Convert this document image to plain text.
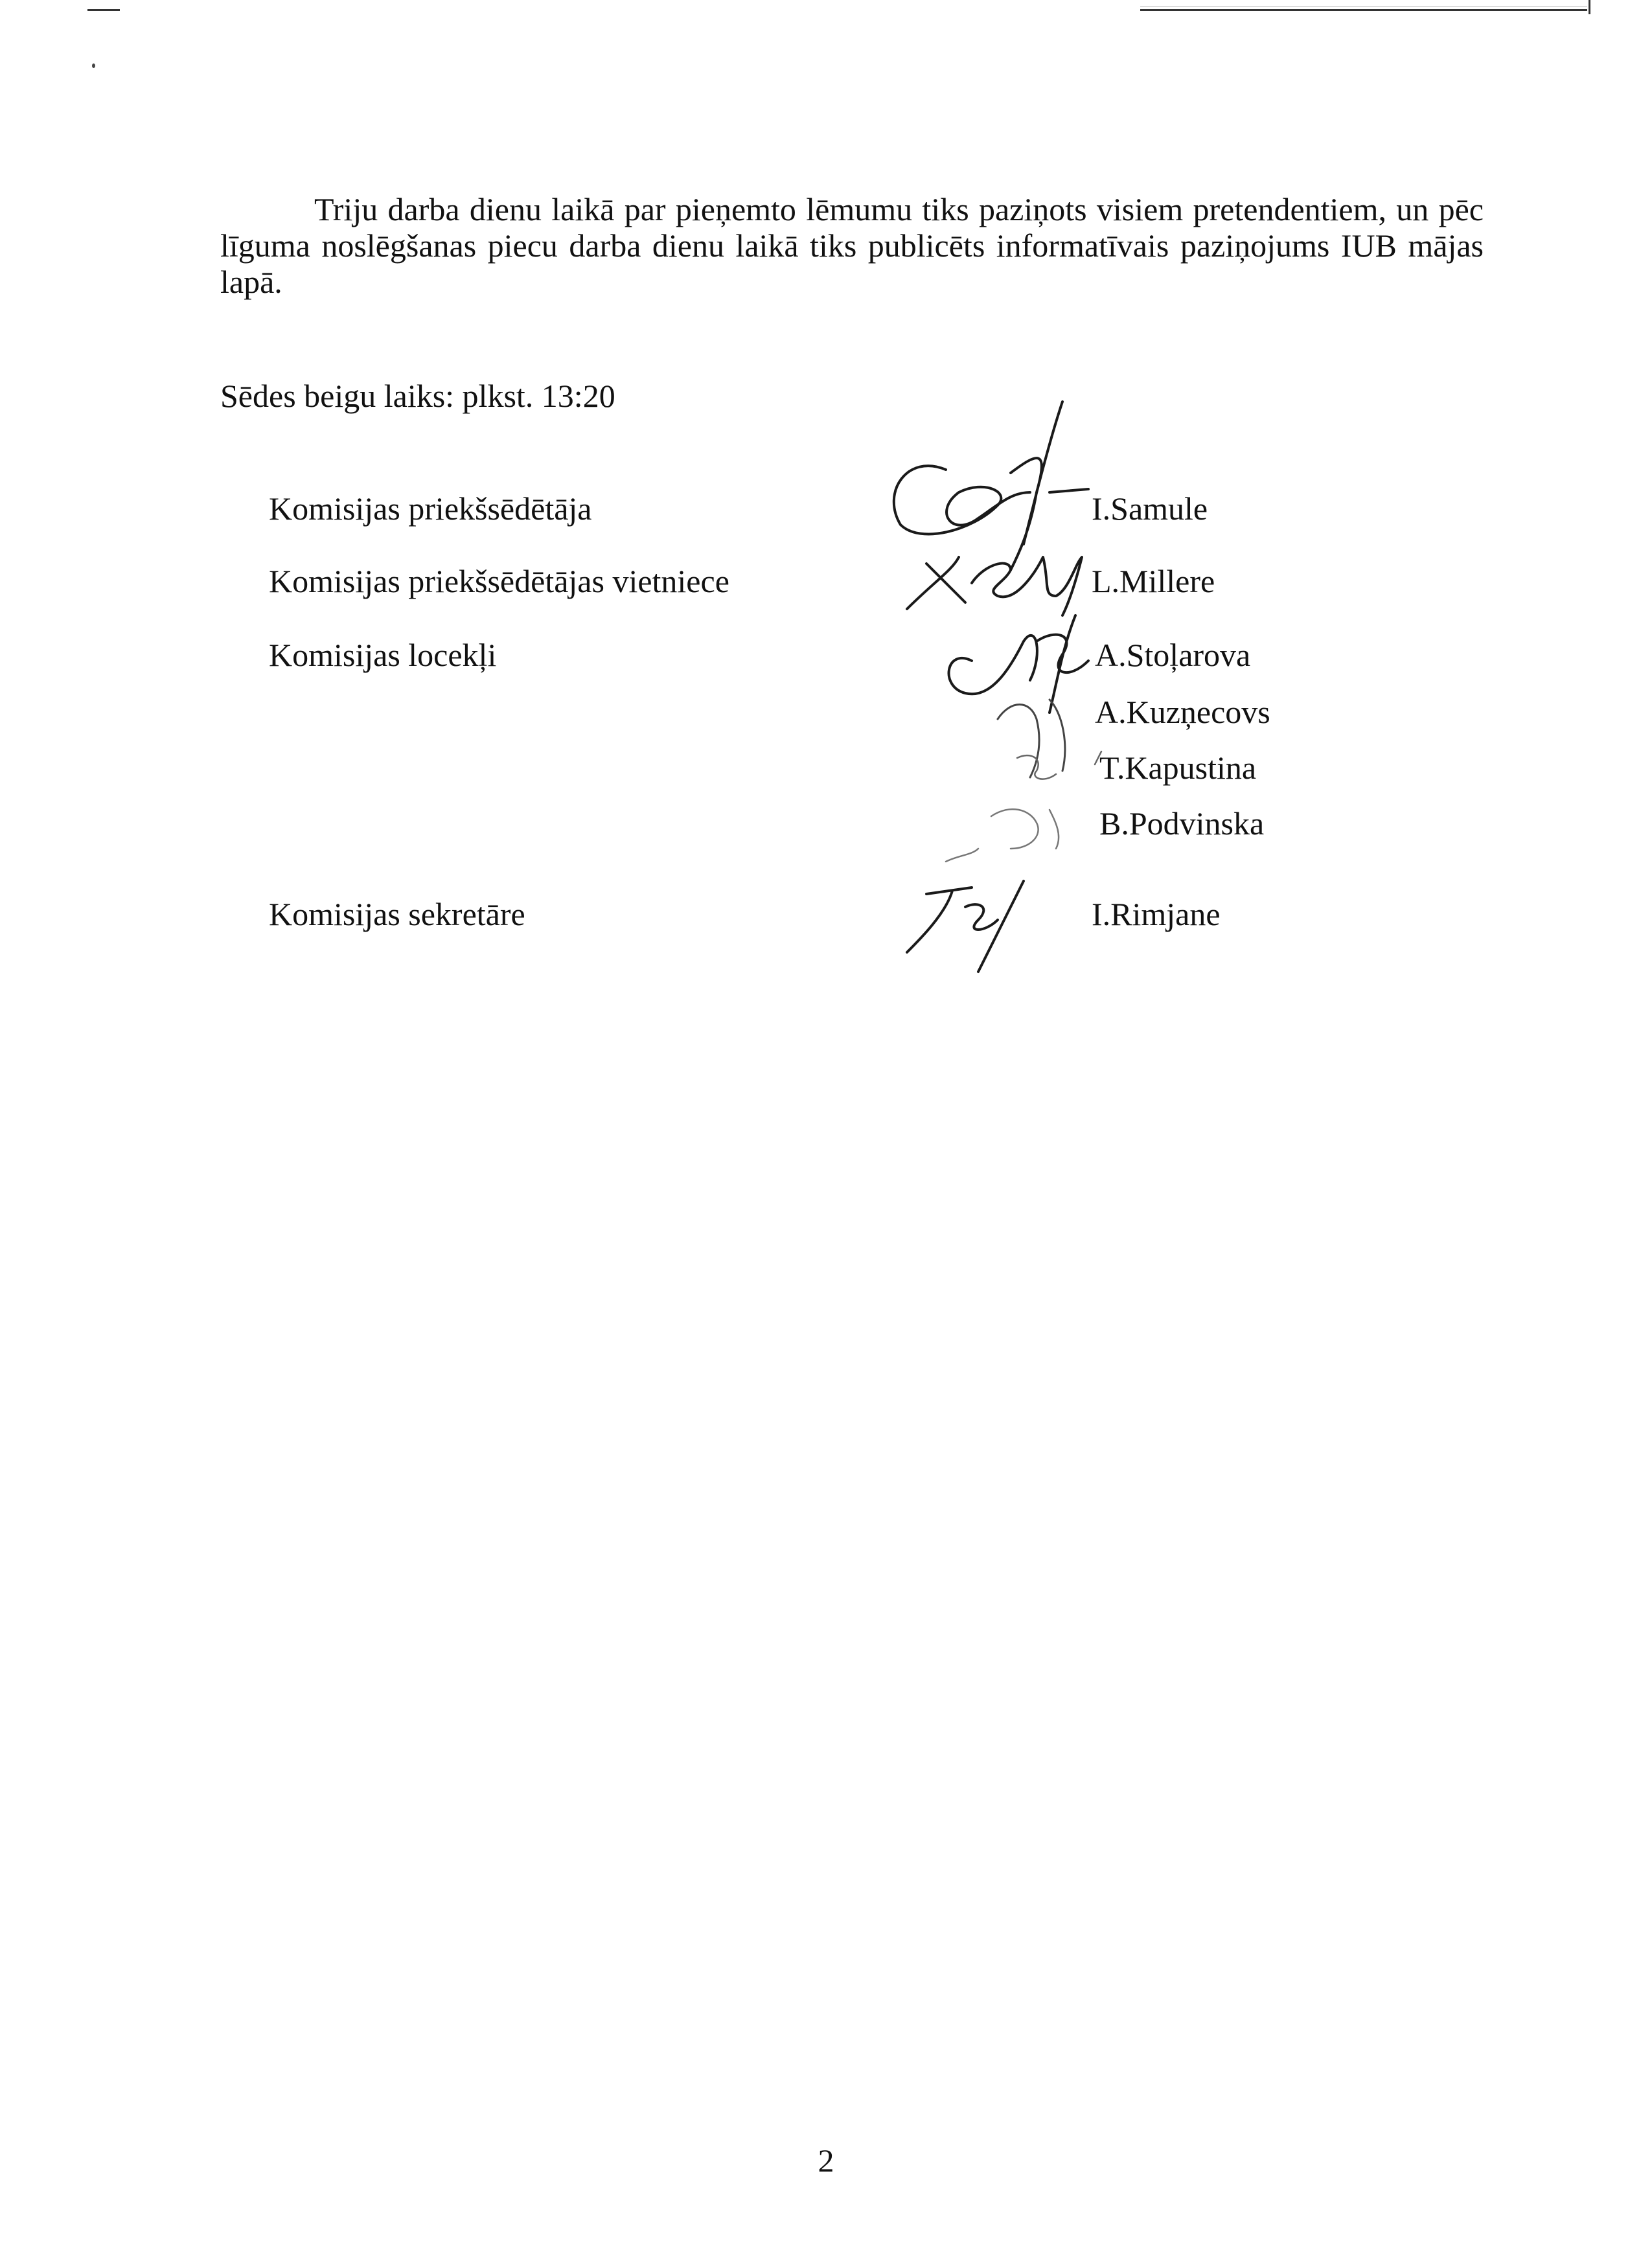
Triju darba dienu laikā par pieņemto lēmumu tiks paziņots visiem pretendentiem, un pēc līguma noslēgšanas piecu darba dienu laikā tiks publicēts informatīvais paziņojums IUB mājas lapā.

Sēdes beigu laiks: plkst. 13:20

Komisijas priekšsēdētāja	I.Samule

Komisijas priekšsēdētājas vietniece	L.Millere

Komisijas locekļi	A.Stoļarova

A.Kuzņecovs

T.Kapustina

B.Podvinska

Komisijas sekretāre	I.Rimjane

2
